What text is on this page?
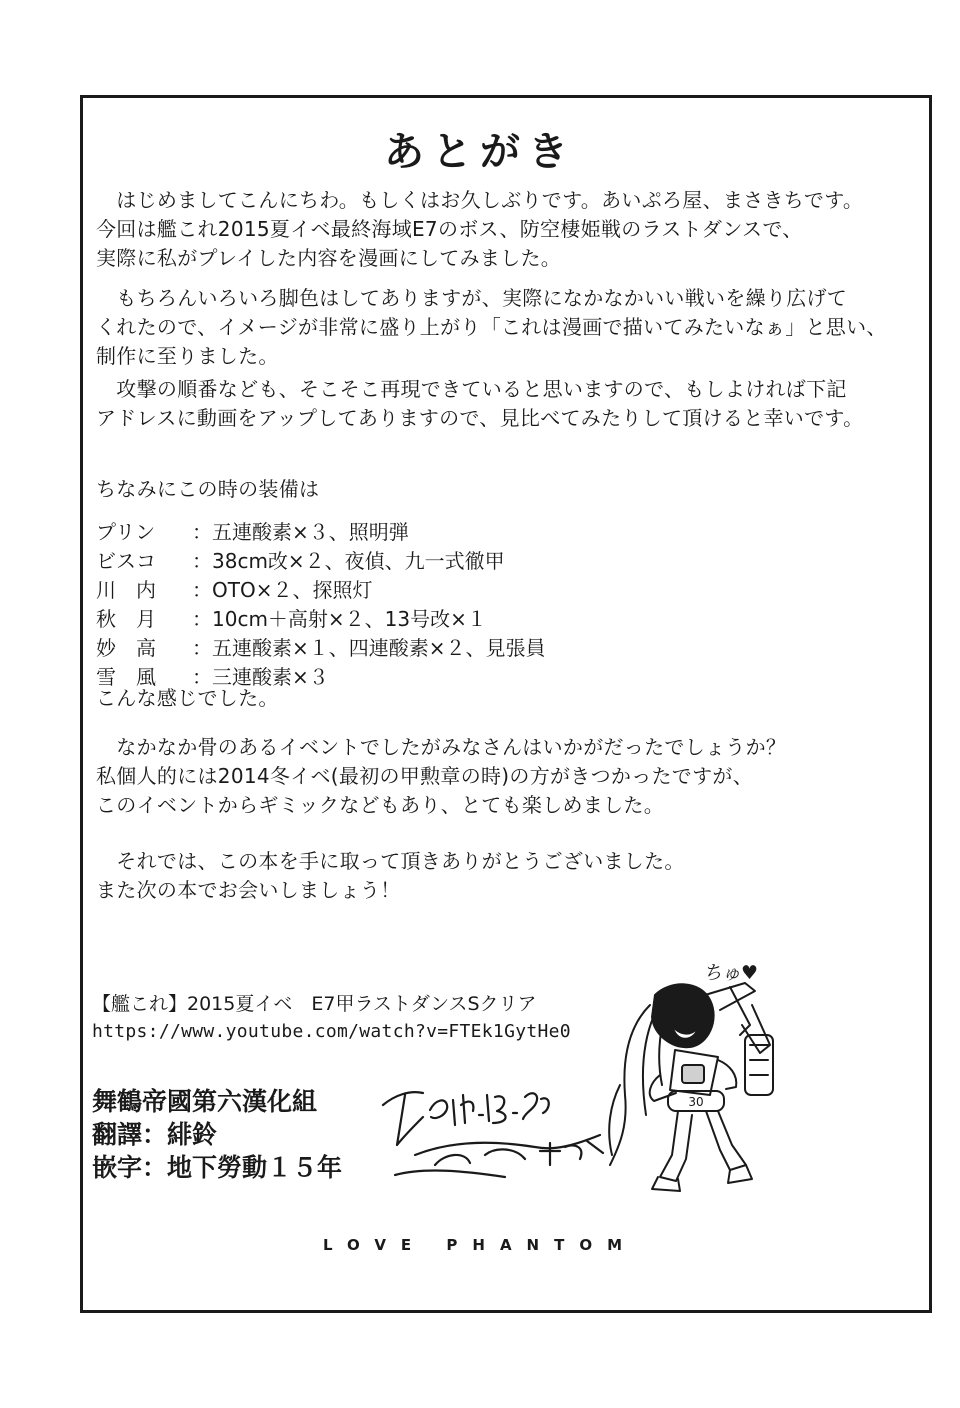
あとがき
　はじめましてこんにちわ。もしくはお久しぶりです。あいぷろ屋、まさきちです。
今回は艦これ2015夏イベ最終海域E7のボス、防空棲姫戦のラストダンスで、
実際に私がプレイした内容を漫画にしてみました。
　もちろんいろいろ脚色はしてありますが、実際になかなかいい戦いを繰り広げて
くれたので、イメージが非常に盛り上がり「これは漫画で描いてみたいなぁ」と思い、
制作に至りました。
　攻撃の順番なども、そこそこ再現できていると思いますので、もしよければ下記
アドレスに動画をアップしてありますので、見比べてみたりして頂けると幸いです。
ちなみにこの時の装備は
プリン	： 五連酸素×３、照明弾
ビスコ	： 38cm改×２、夜偵、九一式徹甲
川　内	： OTO×２、探照灯
秋　月	： 10cm＋高射×２、13号改×１
妙　高	： 五連酸素×１、四連酸素×２、見張員
雪　風	： 三連酸素×３
こんな感じでした。
　なかなか骨のあるイベントでしたがみなさんはいかがだったでしょうか？
私個人的には2014冬イベ(最初の甲勲章の時)の方がきつかったですが、
このイベントからギミックなどもあり、とても楽しめました。
　それでは、この本を手に取って頂きありがとうございました。
また次の本でお会いしましょう！
【艦これ】2015夏イベ　E7甲ラストダンスSクリア
https://www.youtube.com/watch?v=FTEk1GytHe0
舞鶴帝國第六漢化組
翻譯：緋鈴
嵌字：地下勞動１５年
ちゅ♥
30
LOVE PHANTOM
